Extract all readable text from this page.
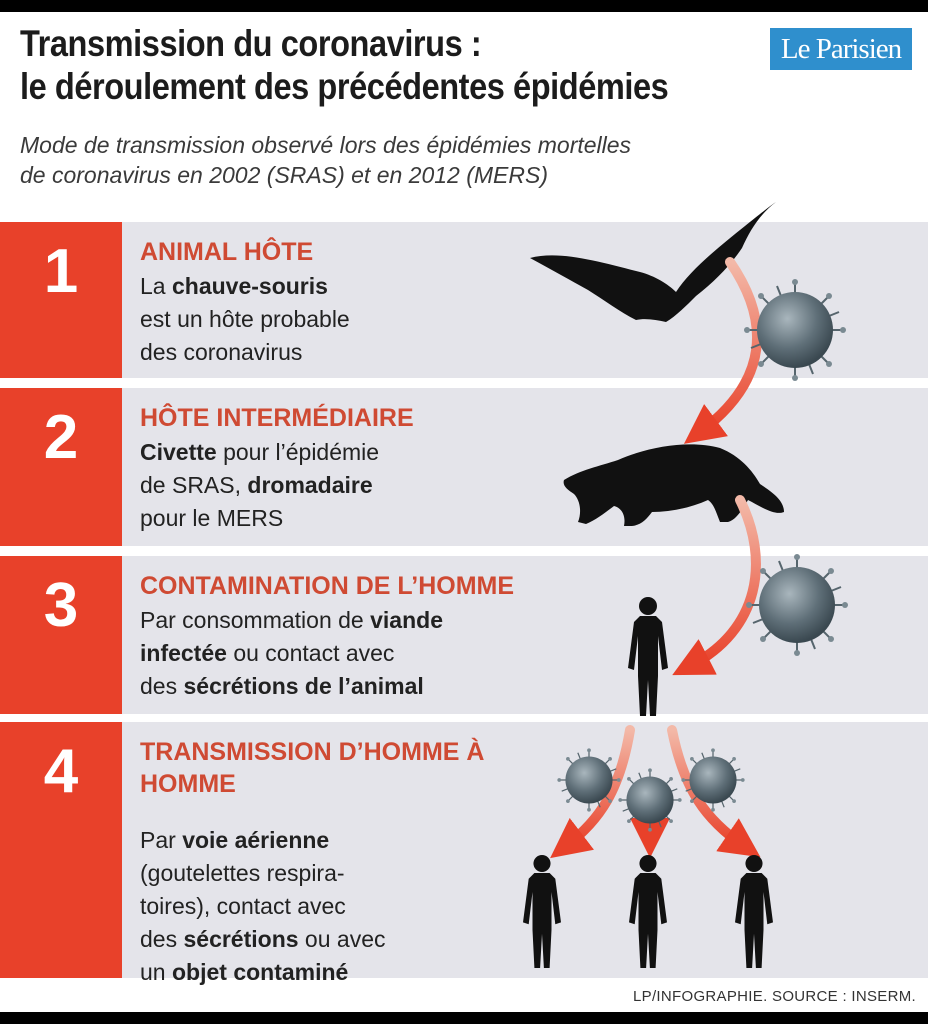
Transmission du coronavirus :
le déroulement des précédentes épidémies
Le Parisien
Mode de transmission observé lors des épidémies mortelles
de coronavirus en 2002 (SRAS) et en 2012 (MERS)
1	ANIMAL HÔTE
La chauve-souris
est un hôte probable
des coronavirus
2	HÔTE INTERMÉDIAIRE
Civette pour l’épidémie
de SRAS, dromadaire
pour le MERS
3	CONTAMINATION DE L’HOMME
Par consommation de viande
infectée ou contact avec
des sécrétions de l’animal
4	TRANSMISSION D’HOMME À HOMME
Par voie aérienne
(goutelettes respira-
toires), contact avec
des sécrétions ou avec
un objet contaminé
LP/INFOGRAPHIE. SOURCE : INSERM.
